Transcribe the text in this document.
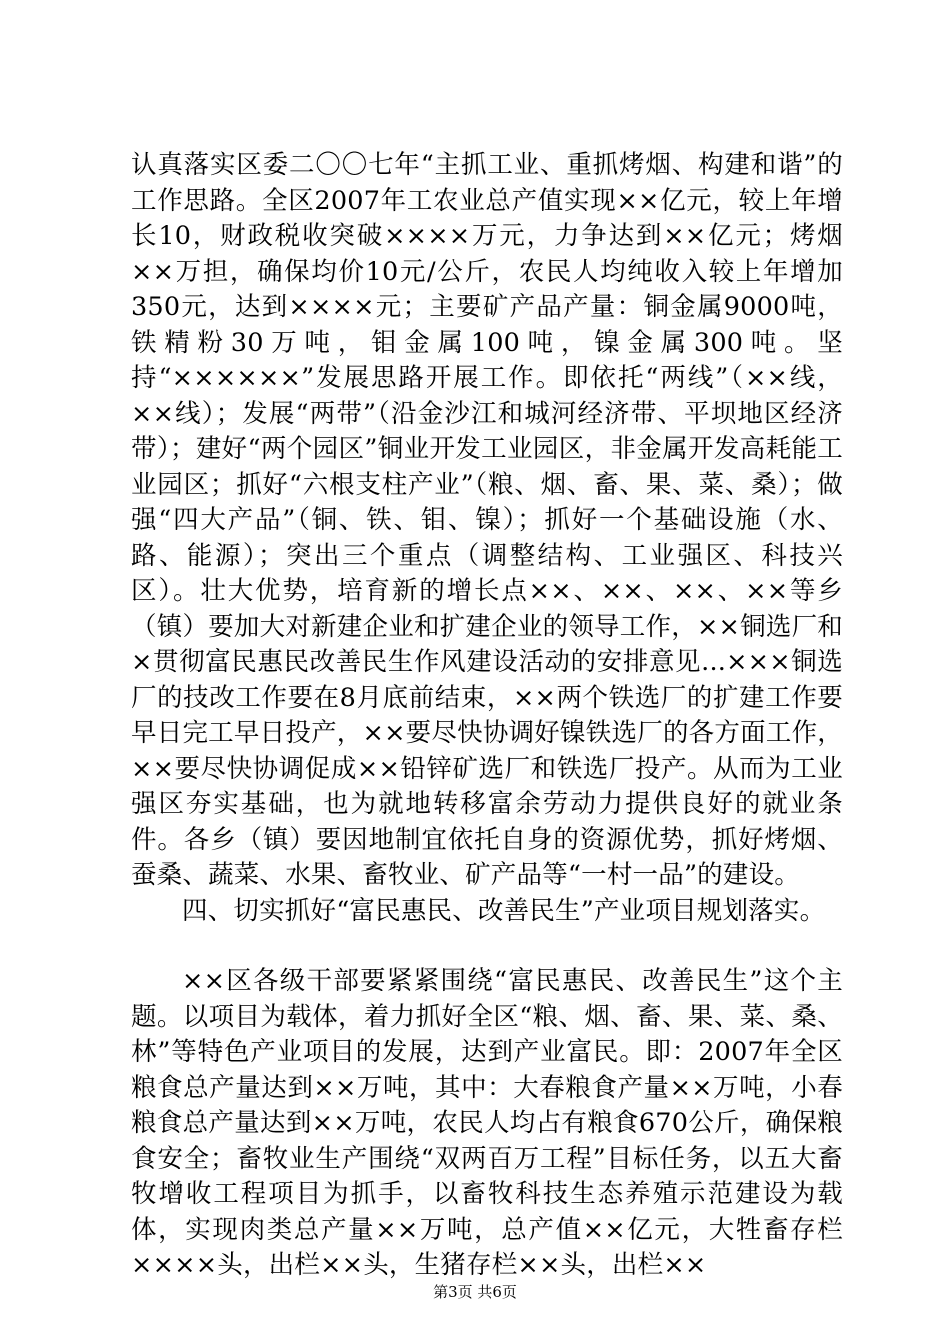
认真落实区委二〇〇七年“主抓工业、重抓烤烟、构建和谐”的工作思路。全区2007年工农业总产值实现××亿元，较上年增长10，财政税收突破××××万元，力争达到××亿元；烤烟××万担，确保均价10元/公斤，农民人均纯收入较上年增加350元，达到××××元；主要矿产品产量：铜金属9000吨，铁精粉30万吨，钼金属100吨，镍金属300吨。坚持“××××××”发展思路开展工作。即依托“两线”（××线，××线）；发展“两带”（沿金沙江和城河经济带、平坝地区经济带）；建好“两个园区”铜业开发工业园区，非金属开发高耗能工业园区；抓好“六根支柱产业”（粮、烟、畜、果、菜、桑）；做强“四大产品”（铜、铁、钼、镍）；抓好一个基础设施（水、路、能源）；突出三个重点（调整结构、工业强区、科技兴区）。壮大优势，培育新的增长点××、××、××、××等乡（镇）要加大对新建企业和扩建企业的领导工作，××铜选厂和×贯彻富民惠民改善民生作风建设活动的安排意见...×××铜选厂的技改工作要在8月底前结束，××两个铁选厂的扩建工作要早日完工早日投产，××要尽快协调好镍铁选厂的各方面工作，××要尽快协调促成××铅锌矿选厂和铁选厂投产。从而为工业强区夯实基础，也为就地转移富余劳动力提供良好的就业条件。各乡（镇）要因地制宜依托自身的资源优势，抓好烤烟、蚕桑、蔬菜、水果、畜牧业、矿产品等“一村一品”的建设。

四、切实抓好“富民惠民、改善民生”产业项目规划落实。

××区各级干部要紧紧围绕“富民惠民、改善民生”这个主题。以项目为载体，着力抓好全区“粮、烟、畜、果、菜、桑、林”等特色产业项目的发展，达到产业富民。即：2007年全区粮食总产量达到××万吨，其中：大春粮食产量××万吨，小春粮食总产量达到××万吨，农民人均占有粮食670公斤，确保粮食安全；畜牧业生产围绕“双两百万工程”目标任务，以五大畜牧增收工程项目为抓手，以畜牧科技生态养殖示范建设为载体，实现肉类总产量××万吨，总产值××亿元，大牲畜存栏××××头，出栏××头，生猪存栏××头，出栏××

第3页 共6页
